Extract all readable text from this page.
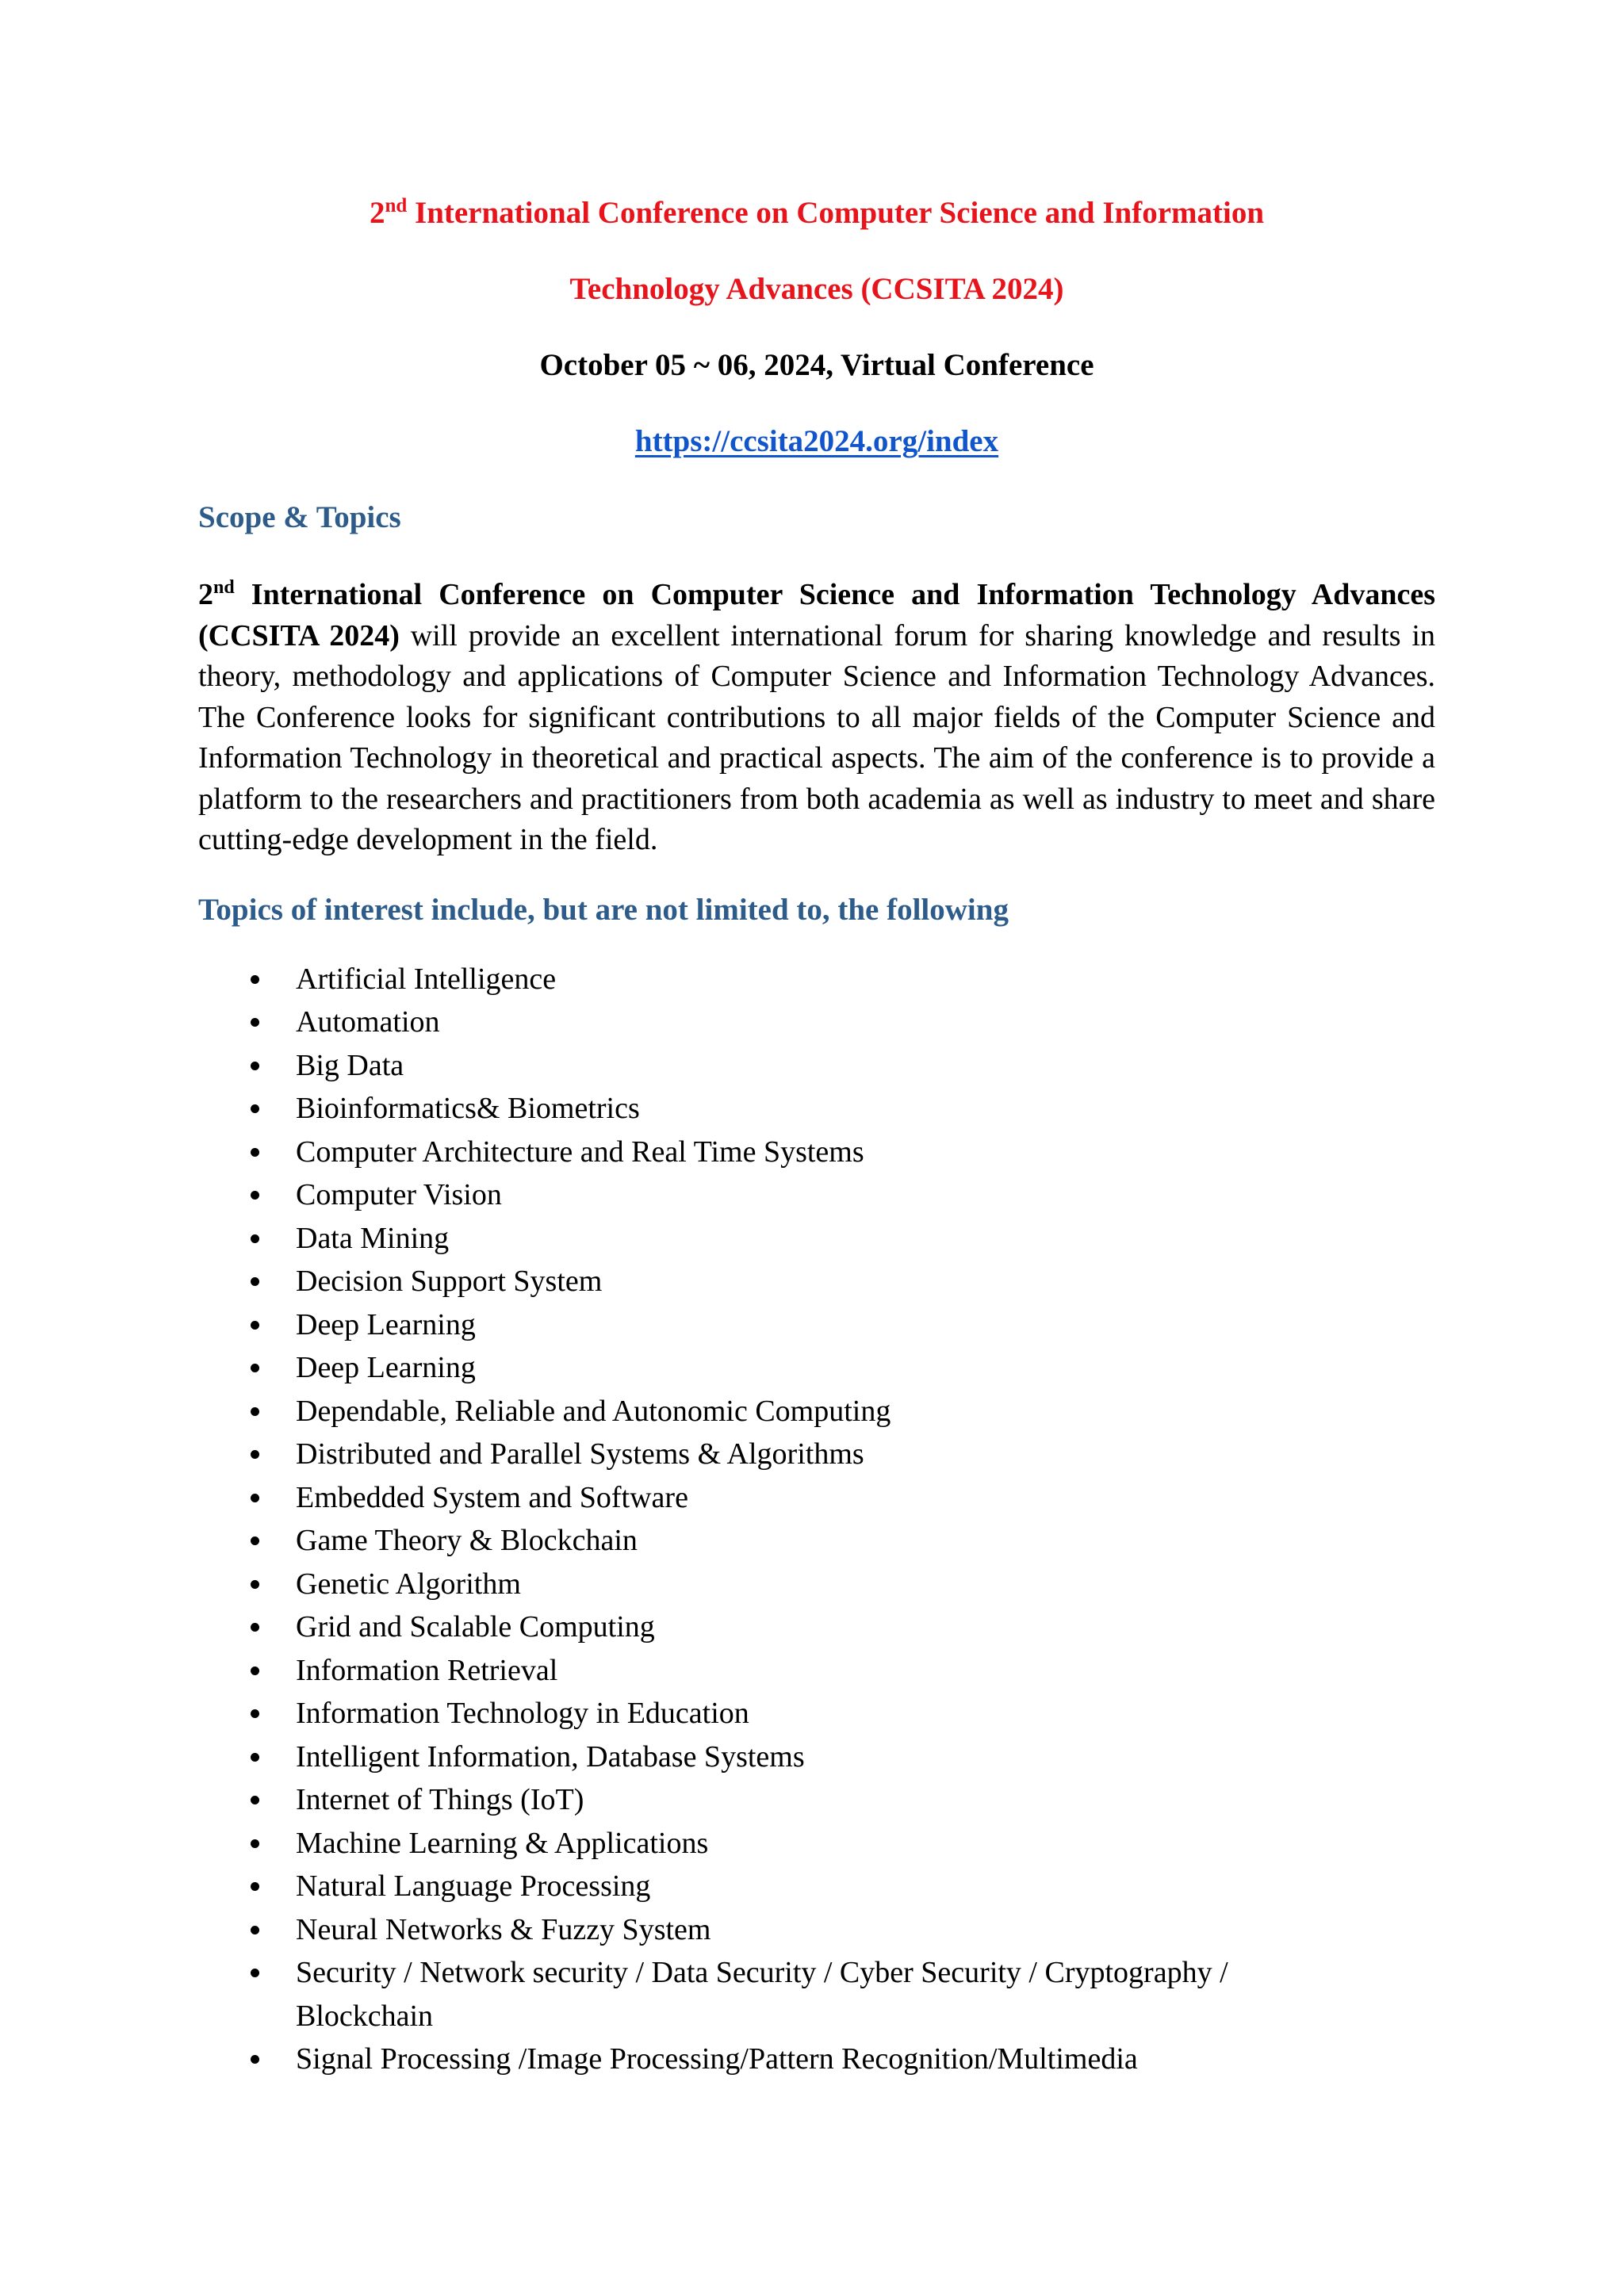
2nd International Conference on Computer Science and Information

Technology Advances (CCSITA 2024)

October 05 ~ 06, 2024, Virtual Conference

https://ccsita2024.org/index

Scope & Topics

2nd International Conference on Computer Science and Information Technology Advances (CCSITA 2024) will provide an excellent international forum for sharing knowledge and results in theory, methodology and applications of Computer Science and Information Technology Advances. The Conference looks for significant contributions to all major fields of the Computer Science and Information Technology in theoretical and practical aspects. The aim of the conference is to provide a platform to the researchers and practitioners from both academia as well as industry to meet and share cutting-edge development in the field.

Topics of interest include, but are not limited to, the following

Artificial Intelligence
Automation
Big Data
Bioinformatics& Biometrics
Computer Architecture and Real Time Systems
Computer Vision
Data Mining
Decision Support System
Deep Learning
Deep Learning
Dependable, Reliable and Autonomic Computing
Distributed and Parallel Systems & Algorithms
Embedded System and Software
Game Theory & Blockchain
Genetic Algorithm
Grid and Scalable Computing
Information Retrieval
Information Technology in Education
Intelligent Information, Database Systems
Internet of Things (IoT)
Machine Learning & Applications
Natural Language Processing
Neural Networks & Fuzzy System
Security / Network security / Data Security / Cyber Security / Cryptography / Blockchain
Signal Processing /Image Processing/Pattern Recognition/Multimedia
